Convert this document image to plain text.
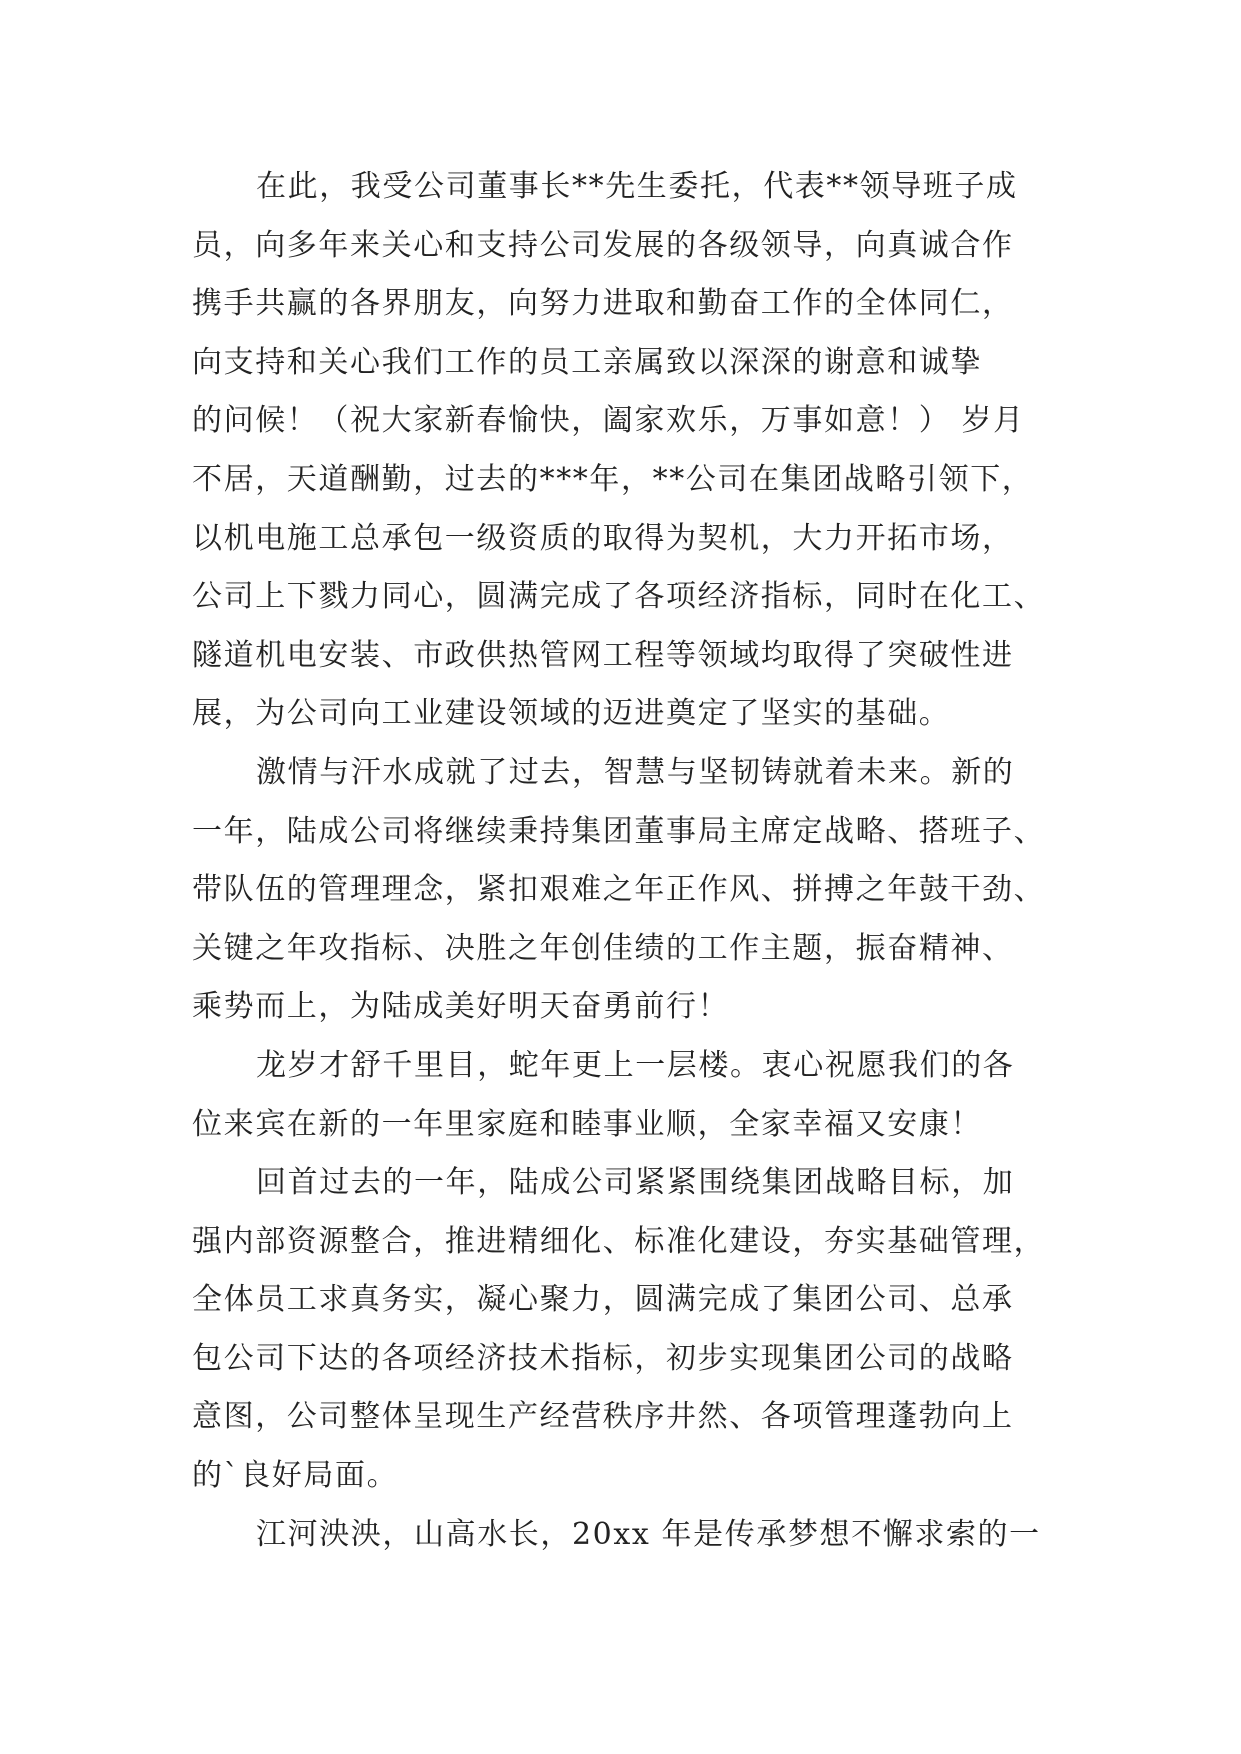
在此，我受公司董事长**先生委托，代表**领导班子成
员，向多年来关心和支持公司发展的各级领导，向真诚合作
携手共赢的各界朋友，向努力进取和勤奋工作的全体同仁，
向支持和关心我们工作的员工亲属致以深深的谢意和诚挚
的问候！（祝大家新春愉快，阖家欢乐，万事如意！） 岁月
不居，天道酬勤，过去的***年，**公司在集团战略引领下，
以机电施工总承包一级资质的取得为契机，大力开拓市场，
公司上下戮力同心，圆满完成了各项经济指标，同时在化工、
隧道机电安装、市政供热管网工程等领域均取得了突破性进
展，为公司向工业建设领域的迈进奠定了坚实的基础。
激情与汗水成就了过去，智慧与坚韧铸就着未来。新的
一年，陆成公司将继续秉持集团董事局主席定战略、搭班子、
带队伍的管理理念，紧扣艰难之年正作风、拼搏之年鼓干劲、
关键之年攻指标、决胜之年创佳绩的工作主题，振奋精神、
乘势而上，为陆成美好明天奋勇前行！
龙岁才舒千里目，蛇年更上一层楼。衷心祝愿我们的各
位来宾在新的一年里家庭和睦事业顺，全家幸福又安康！
回首过去的一年，陆成公司紧紧围绕集团战略目标，加
强内部资源整合，推进精细化、标准化建设，夯实基础管理，
全体员工求真务实，凝心聚力，圆满完成了集团公司、总承
包公司下达的各项经济技术指标，初步实现集团公司的战略
意图，公司整体呈现生产经营秩序井然、各项管理蓬勃向上
的`良好局面。
江河泱泱，山高水长，20xx 年是传承梦想不懈求索的一
